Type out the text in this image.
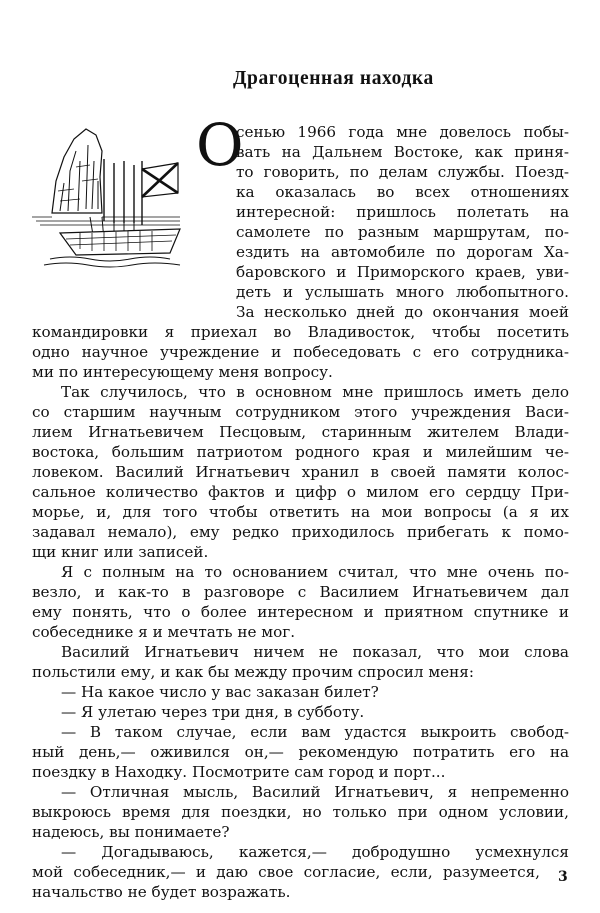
Драгоценная находка
О
сенью 1966 года мне довелось побы-
вать на Дальнем Востоке, как приня-
то говорить, по делам службы. Поезд-
ка оказалась во всех отношениях
интересной: пришлось полетать на
самолете по разным маршрутам, по-
ездить на автомобиле по дорогам Ха-
баровского и Приморского краев, уви-
деть и услышать много любопытного.
За несколько дней до окончания моей
командировки я приехал во Владивосток, чтобы посетить
одно научное учреждение и побеседовать с его сотрудника-
ми по интересующему меня вопросу.
Так случилось, что в основном мне пришлось иметь дело
со старшим научным сотрудником этого учреждения Васи-
лием Игнатьевичем Песцовым, старинным жителем Влади-
востока, большим патриотом родного края и милейшим че-
ловеком. Василий Игнатьевич хранил в своей памяти колос-
сальное количество фактов и цифр о милом его сердцу При-
морье, и, для того чтобы ответить на мои вопросы (а я их
задавал немало), ему редко приходилось прибегать к помо-
щи книг или записей.
Я с полным на то основанием считал, что мне очень по-
везло, и как-то в разговоре с Василием Игнатьевичем дал
ему понять, что о более интересном и приятном спутнике и
собеседнике я и мечтать не мог.
Василий Игнатьевич ничем не показал, что мои слова
польстили ему, и как бы между прочим спросил меня:
— На какое число у вас заказан билет?
— Я улетаю через три дня, в субботу.
— В таком случае, если вам удастся выкроить свобод-
ный день,— оживился он,— рекомендую потратить его на
поездку в Находку. Посмотрите сам город и порт...
— Отличная мысль, Василий Игнатьевич, я непременно
выкроюсь время для поездки, но только при одном условии,
надеюсь, вы понимаете?
— Догадываюсь, кажется,— добродушно усмехнулся
мой собеседник,— и даю свое согласие, если, разумеется,
начальство не будет возражать.
3
